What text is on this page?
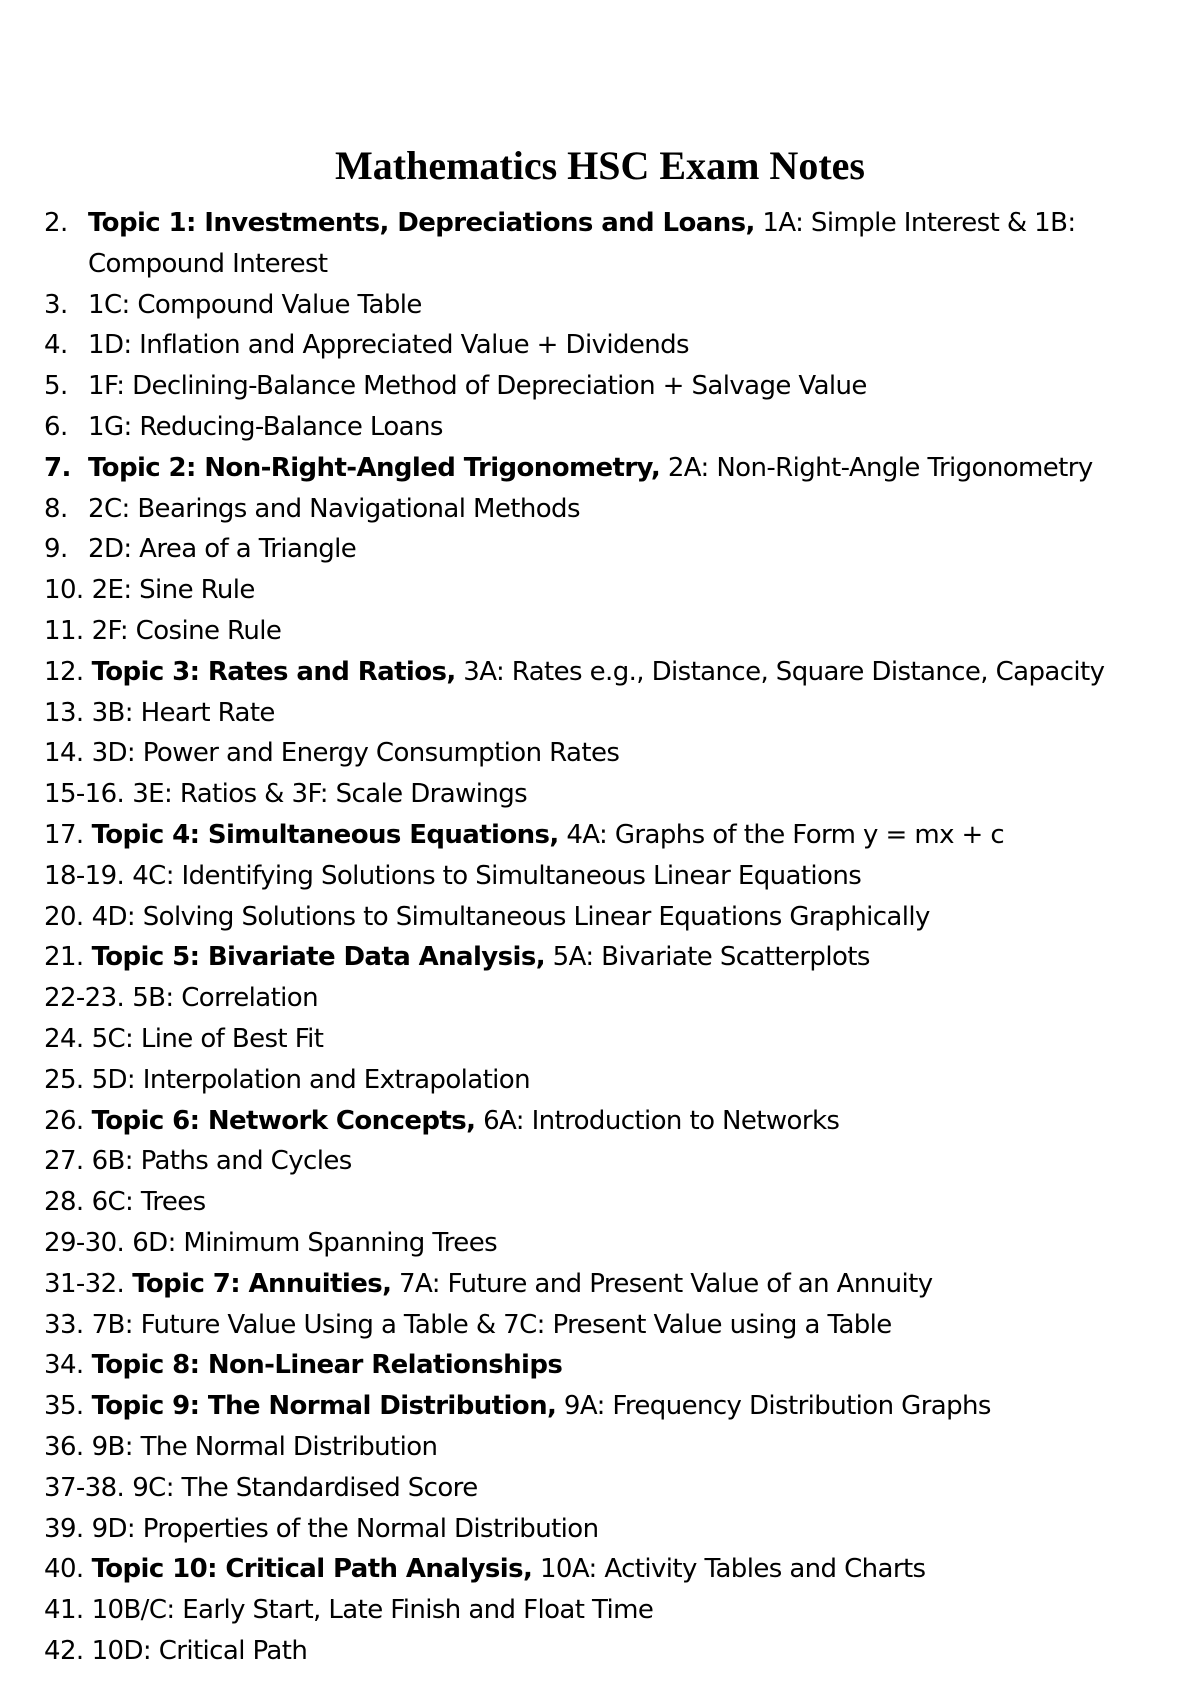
Mathematics HSC Exam Notes
2. Topic 1: Investments, Depreciations and Loans, 1A: Simple Interest & 1B: Compound Interest
3. 1C: Compound Value Table
4. 1D: Inflation and Appreciated Value + Dividends
5. 1F: Declining-Balance Method of Depreciation + Salvage Value
6. 1G: Reducing-Balance Loans
7. Topic 2: Non-Right-Angled Trigonometry, 2A: Non-Right-Angle Trigonometry
8. 2C: Bearings and Navigational Methods
9. 2D: Area of a Triangle
10. 2E: Sine Rule
11. 2F: Cosine Rule
12. Topic 3: Rates and Ratios, 3A: Rates e.g., Distance, Square Distance, Capacity
13. 3B: Heart Rate
14. 3D: Power and Energy Consumption Rates
15-16. 3E: Ratios & 3F: Scale Drawings
17. Topic 4: Simultaneous Equations, 4A: Graphs of the Form y = mx + c
18-19. 4C: Identifying Solutions to Simultaneous Linear Equations
20. 4D: Solving Solutions to Simultaneous Linear Equations Graphically
21. Topic 5: Bivariate Data Analysis, 5A: Bivariate Scatterplots
22-23. 5B: Correlation
24. 5C: Line of Best Fit
25. 5D: Interpolation and Extrapolation
26. Topic 6: Network Concepts, 6A: Introduction to Networks
27. 6B: Paths and Cycles
28. 6C: Trees
29-30. 6D: Minimum Spanning Trees
31-32. Topic 7: Annuities, 7A: Future and Present Value of an Annuity
33. 7B: Future Value Using a Table & 7C: Present Value using a Table
34. Topic 8: Non-Linear Relationships
35. Topic 9: The Normal Distribution, 9A: Frequency Distribution Graphs
36. 9B: The Normal Distribution
37-38. 9C: The Standardised Score
39. 9D: Properties of the Normal Distribution
40. Topic 10: Critical Path Analysis, 10A: Activity Tables and Charts
41. 10B/C: Early Start, Late Finish and Float Time
42. 10D: Critical Path
